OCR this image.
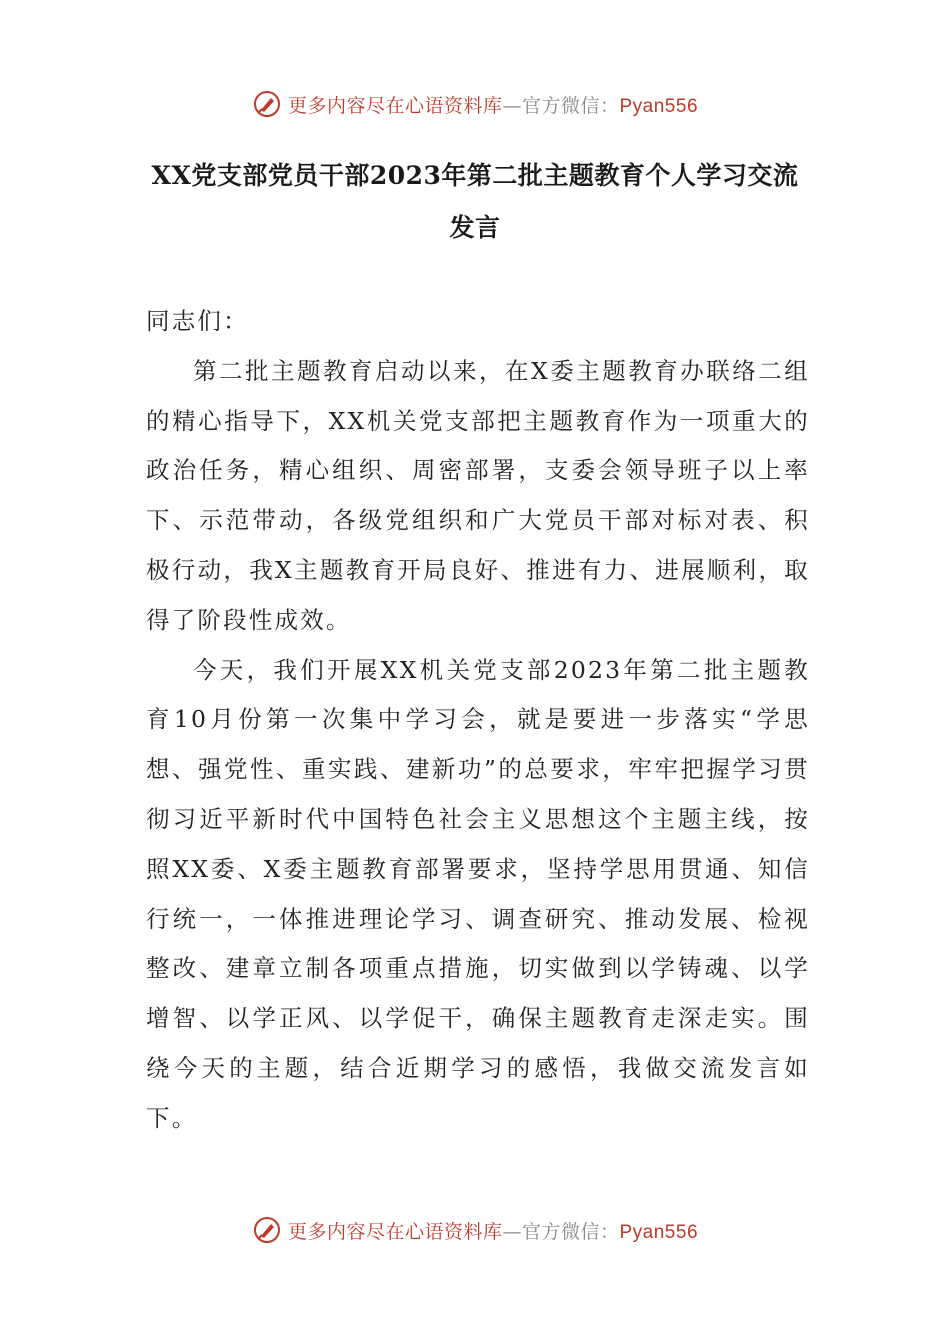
更多内容尽在心语资料库—官方微信：Pyan556
XX党支部党员干部2023年第二批主题教育个人学习交流发言

同志们：

第二批主题教育启动以来，在X委主题教育办联络二组的精心指导下，XX机关党支部把主题教育作为一项重大的政治任务，精心组织、周密部署，支委会领导班子以上率下、示范带动，各级党组织和广大党员干部对标对表、积极行动，我X主题教育开局良好、推进有力、进展顺利，取得了阶段性成效。

今天，我们开展XX机关党支部2023年第二批主题教育10月份第一次集中学习会，就是要进一步落实“学思想、强党性、重实践、建新功”的总要求，牢牢把握学习贯彻习近平新时代中国特色社会主义思想这个主题主线，按照XX委、X委主题教育部署要求，坚持学思用贯通、知信行统一，一体推进理论学习、调查研究、推动发展、检视整改、建章立制各项重点措施，切实做到以学铸魂、以学增智、以学正风、以学促干，确保主题教育走深走实。围绕今天的主题，结合近期学习的感悟，我做交流发言如下。

更多内容尽在心语资料库—官方微信：Pyan556
